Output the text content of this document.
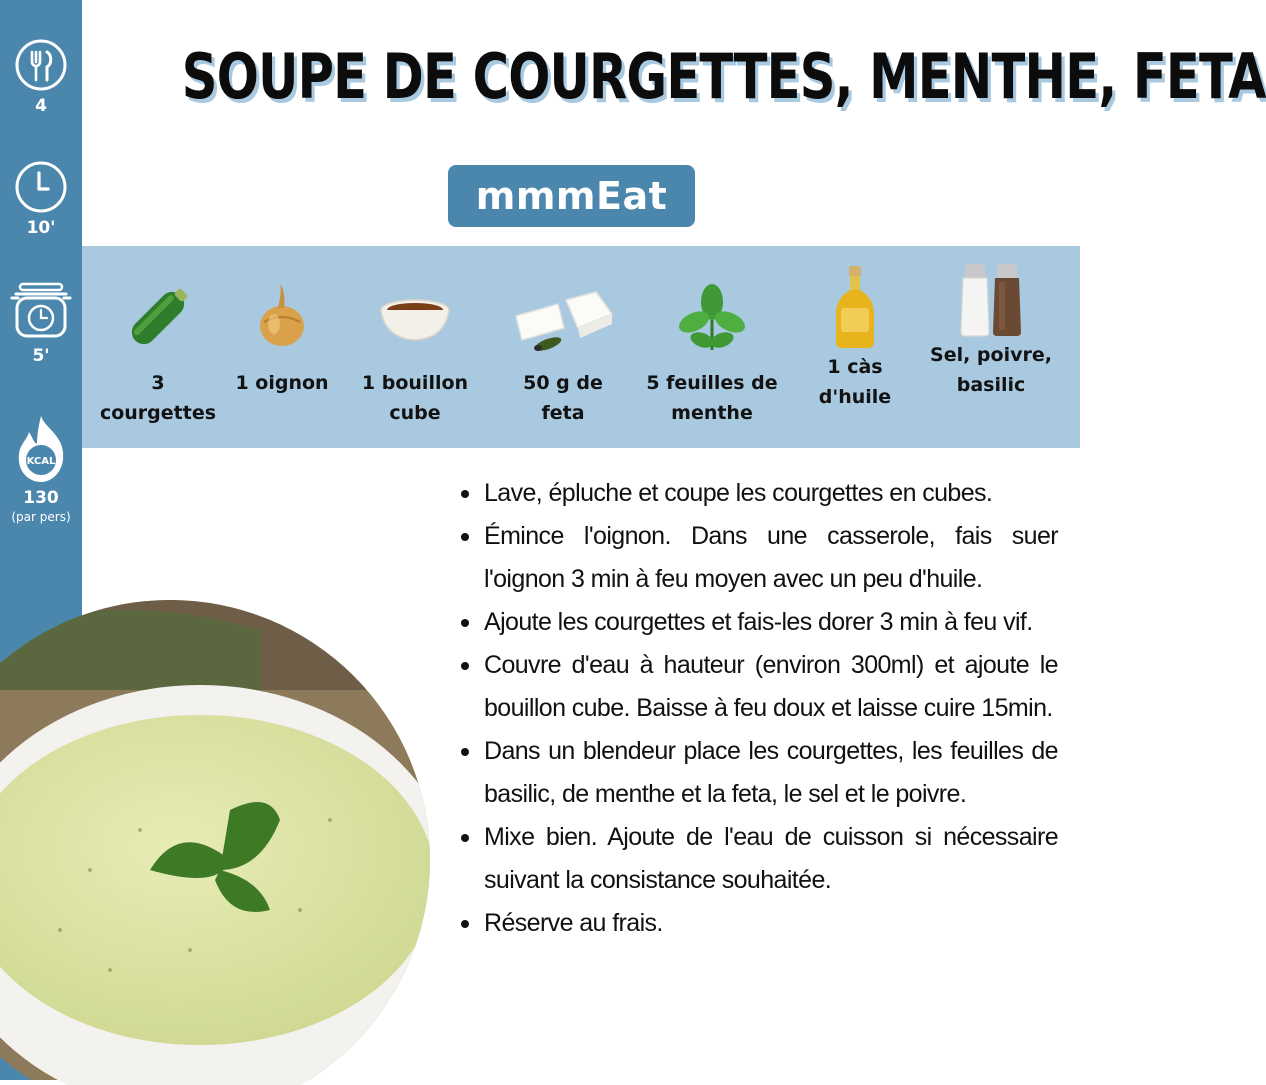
4
10'
5'
KCAL
130
(par pers)
SOUPE DE COURGETTES, MENTHE, FETA
mmmEat
3
courgettes
1 oignon	1 bouillon
cube
50 g de
feta
5 feuilles de
menthe
1 càs
d'huile
Sel, poivre,
basilic
Lave, épluche et coupe les courgettes en cubes.
Émince l'oignon. Dans une casserole, fais suer l'oignon 3 min à feu moyen avec un peu d'huile.
Ajoute les courgettes et fais-les dorer 3 min à feu vif.
Couvre d'eau à hauteur (environ 300ml) et ajoute le bouillon cube. Baisse à feu doux et laisse cuire 15min.
Dans un blendeur place les courgettes, les feuilles de basilic, de menthe et la feta, le sel et le poivre.
Mixe bien. Ajoute de l'eau de cuisson si nécessaire suivant la consistance souhaitée.
Réserve au frais.
